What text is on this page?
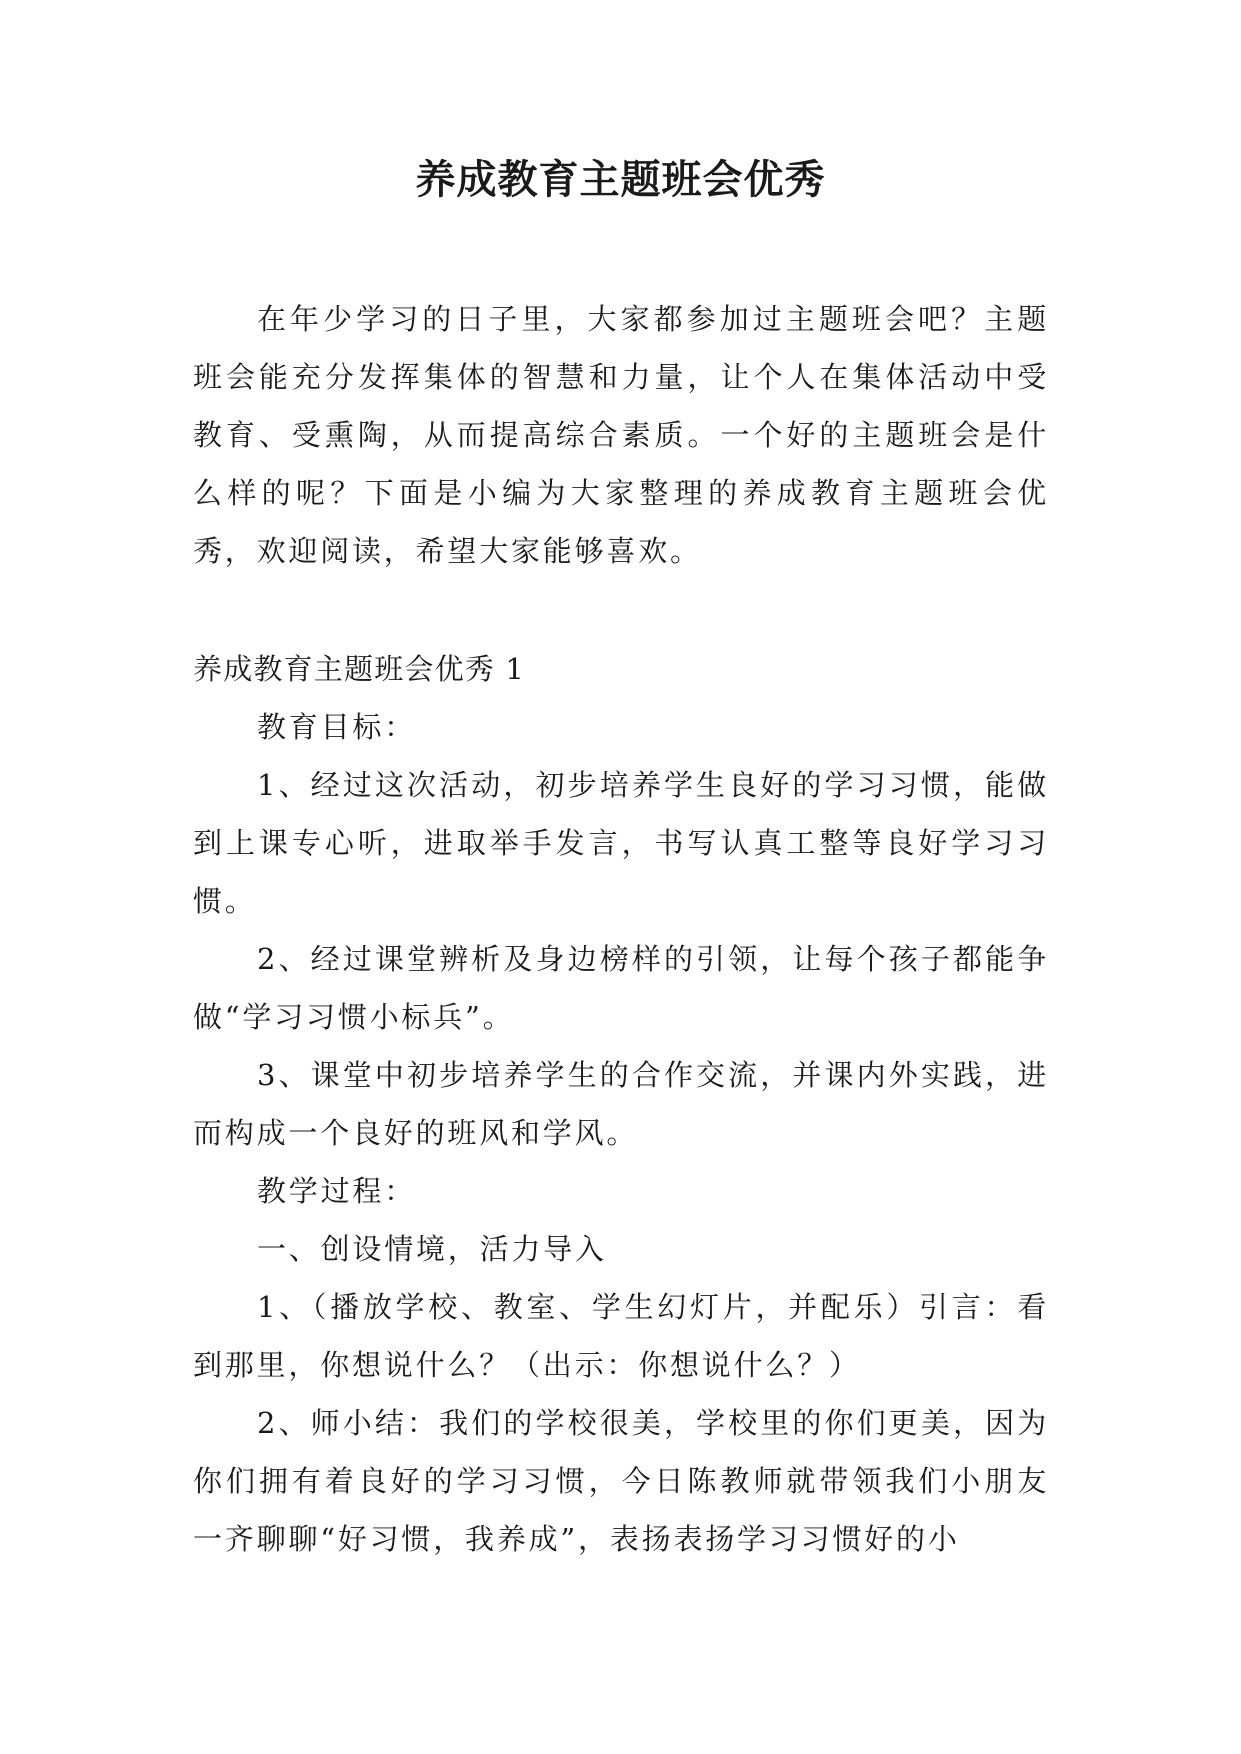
养成教育主题班会优秀

在年少学习的日子里，大家都参加过主题班会吧？主题班会能充分发挥集体的智慧和力量，让个人在集体活动中受教育、受熏陶，从而提高综合素质。一个好的主题班会是什么样的呢？下面是小编为大家整理的养成教育主题班会优秀，欢迎阅读，希望大家能够喜欢。

养成教育主题班会优秀 1

教育目标：

1、经过这次活动，初步培养学生良好的学习习惯，能做到上课专心听，进取举手发言，书写认真工整等良好学习习惯。

2、经过课堂辨析及身边榜样的引领，让每个孩子都能争做“学习习惯小标兵”。

3、课堂中初步培养学生的合作交流，并课内外实践，进而构成一个良好的班风和学风。

教学过程：

一、创设情境，活力导入

1、（播放学校、教室、学生幻灯片，并配乐）引言：看到那里，你想说什么？（出示：你想说什么？）

2、师小结：我们的学校很美，学校里的你们更美，因为你们拥有着良好的学习习惯，今日陈教师就带领我们小朋友一齐聊聊“好习惯，我养成”，表扬表扬学习习惯好的小
